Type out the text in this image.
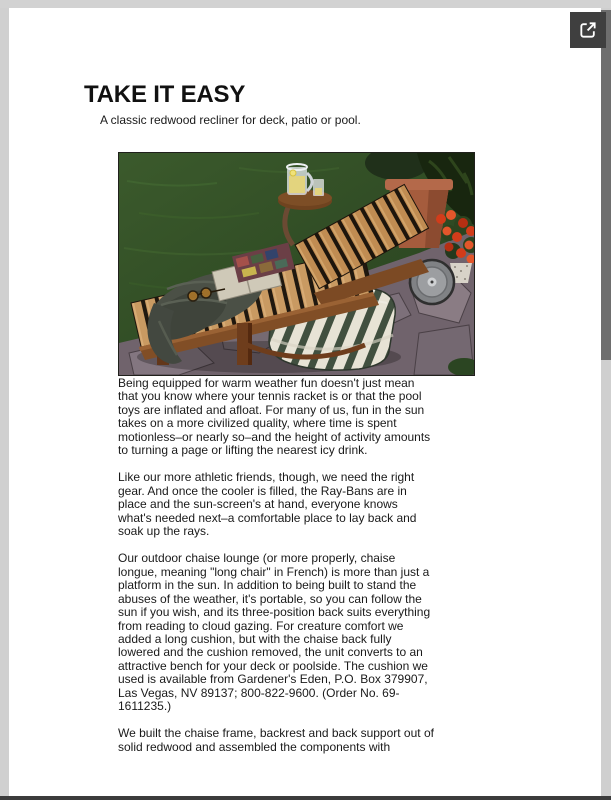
TAKE IT EASY
A classic redwood recliner for deck, patio or pool.

Being equipped for warm weather fun doesn't just mean that you know where your tennis racket is or that the pool toys are inflated and afloat. For many of us, fun in the sun takes on a more civilized quality, where time is spent motionless–or nearly so–and the height of activity amounts to turning a page or lifting the nearest icy drink.

Like our more athletic friends, though, we need the right gear. And once the cooler is filled, the Ray-Bans are in place and the sun-screen's at hand, everyone knows what's needed next–a comfortable place to lay back and soak up the rays.

Our outdoor chaise lounge (or more properly, chaise longue, meaning "long chair" in French) is more than just a platform in the sun. In addition to being built to stand the abuses of the weather, it's portable, so you can follow the sun if you wish, and its three-position back suits everything from reading to cloud gazing. For creature comfort we added a long cushion, but with the chaise back fully lowered and the cushion removed, the unit converts to an attractive bench for your deck or poolside. The cushion we used is available from Gardener's Eden, P.O. Box 379907, Las Vegas, NV 89137; 800-822-9600. (Order No. 69-1611235.)

We built the chaise frame, backrest and back support out of solid redwood and assembled the components with
